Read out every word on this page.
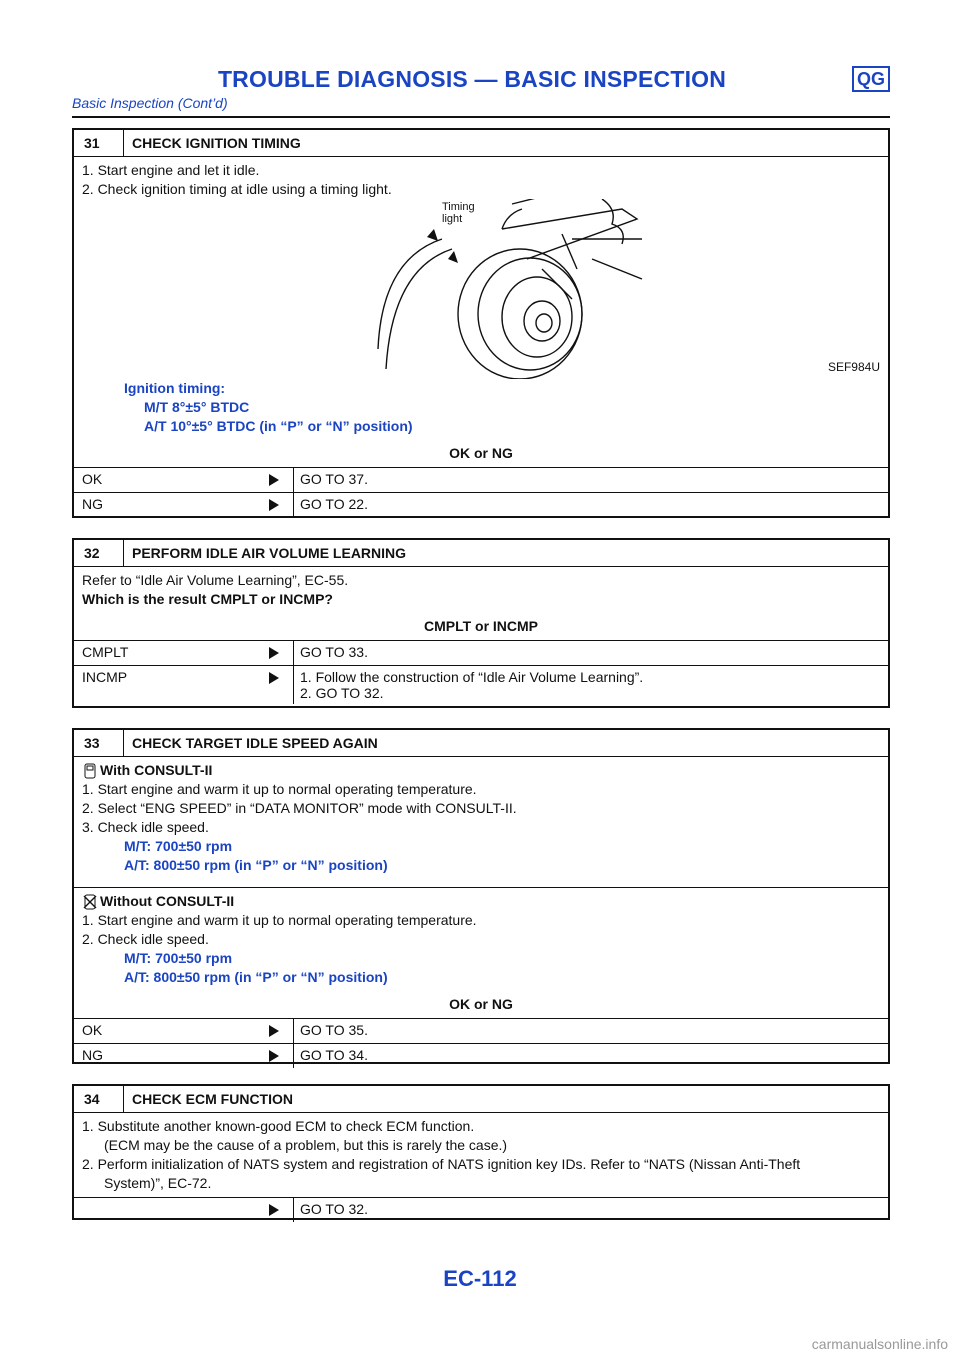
TROUBLE DIAGNOSIS — BASIC INSPECTION	QG
Basic Inspection (Cont’d)
31	CHECK IGNITION TIMING
1. Start engine and let it idle.
2. Check ignition timing at idle using a timing light.
Timing
light
SEF984U
Ignition timing:
M/T 8°±5° BTDC
A/T 10°±5° BTDC (in “P” or “N” position)
OK or NG
OK	GO TO 37.
NG	GO TO 22.
32	PERFORM IDLE AIR VOLUME LEARNING
Refer to “Idle Air Volume Learning”, EC-55.
Which is the result CMPLT or INCMP?
CMPLT or INCMP
CMPLT	GO TO 33.
INCMP	1. Follow the construction of “Idle Air Volume Learning”.
2. GO TO 32.
33	CHECK TARGET IDLE SPEED AGAIN
With CONSULT-II
1. Start engine and warm it up to normal operating temperature.
2. Select “ENG SPEED” in “DATA MONITOR” mode with CONSULT-II.
3. Check idle speed.
M/T: 700±50 rpm
A/T: 800±50 rpm (in “P” or “N” position)
Without CONSULT-II
1. Start engine and warm it up to normal operating temperature.
2. Check idle speed.
M/T: 700±50 rpm
A/T: 800±50 rpm (in “P” or “N” position)
OK or NG
OK	GO TO 35.
NG	GO TO 34.
34	CHECK ECM FUNCTION
1. Substitute another known-good ECM to check ECM function.
(ECM may be the cause of a problem, but this is rarely the case.)
2. Perform initialization of NATS system and registration of NATS ignition key IDs. Refer to “NATS (Nissan Anti-Theft
System)”, EC-72.
GO TO 32.
EC-112
carmanualsonline.info
